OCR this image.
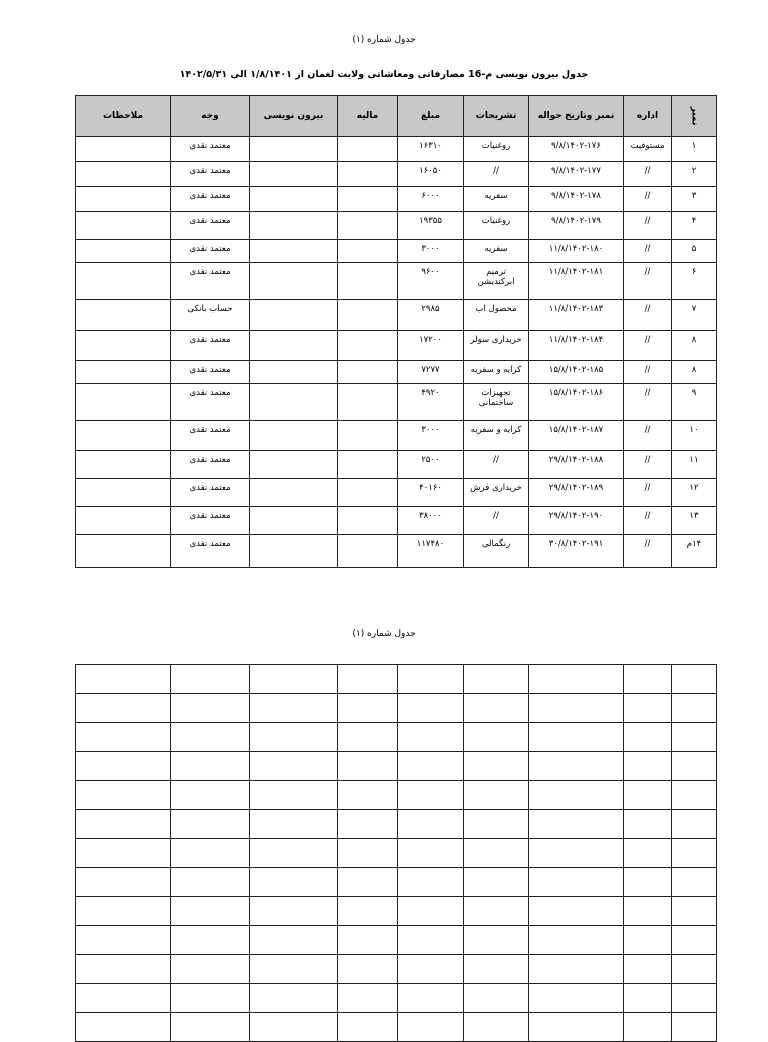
جدول شماره (۱)
جدول بیرون نویسی م-16 مصارفاتی ومعاشاتی ولایت لغمان از ۱/۸/۱۴۰۱ الی ۱۴۰۲/۵/۳۱
نمبر	اداره	نمبر وتاریخ حواله	تشریحات	مبلغ	مالیه	بیرون نویسی	وجه	ملاحظات
۱	مستوفیت	۹/۸/۱۴۰۲-۱۷۶	روغنیات	۱۶۳۱۰			معتمد نقدی	
۲	//	۹/۸/۱۴۰۲-۱۷۷	//	۱۶۰۵۰			معتمد نقدی	
۳	//	۹/۸/۱۴۰۲-۱۷۸	سفریه	۶۰۰۰			معتمد نقدی	
۴	//	۹/۸/۱۴۰۲-۱۷۹	روغنیات	۱۹۳۵۵			معتمد نقدی	
۵	//	۱۱/۸/۱۴۰۲-۱۸۰	سفریه	۳۰۰۰			معتمد نقدی	
۶	//	۱۱/۸/۱۴۰۲-۱۸۱	ترمیم ابرکندیشن	۹۶۰۰			معتمد نقدی	
۷	//	۱۱/۸/۱۴۰۲-۱۸۳	محصول اب	۲۹۸۵			حساب بانکی	
۸	//	۱۱/۸/۱۴۰۲-۱۸۴	خریداری سولر	۱۷۲۰۰			معتمد نقدی	
۸	//	۱۵/۸/۱۴۰۲-۱۸۵	کرایه و سفریه	۷۲۷۷			معتمد نقدی	
۹	//	۱۵/۸/۱۴۰۲-۱۸۶	تجهیزات ساختمانی	۴۹۲۰			معتمد نقدی	
۱۰	//	۱۵/۸/۱۴۰۲-۱۸۷	کرایه و سفریه	۳۰۰۰			معتمد نقدی	
۱۱	//	۲۹/۸/۱۴۰۲-۱۸۸	//	۲۵۰۰			معتمد نقدی	
۱۲	//	۲۹/۸/۱۴۰۲-۱۸۹	خریداری فرش	۴۰۱۶۰			معتمد نقدی	
۱۳	//	۲۹/۸/۱۴۰۲-۱۹۰	//	۳۸۰۰۰			معتمد نقدی	
۱۴م	//	۳۰/۸/۱۴۰۲-۱۹۱	رنگمالی	۱۱۷۴۸۰			معتمد نقدی	
جدول شماره (۱)
